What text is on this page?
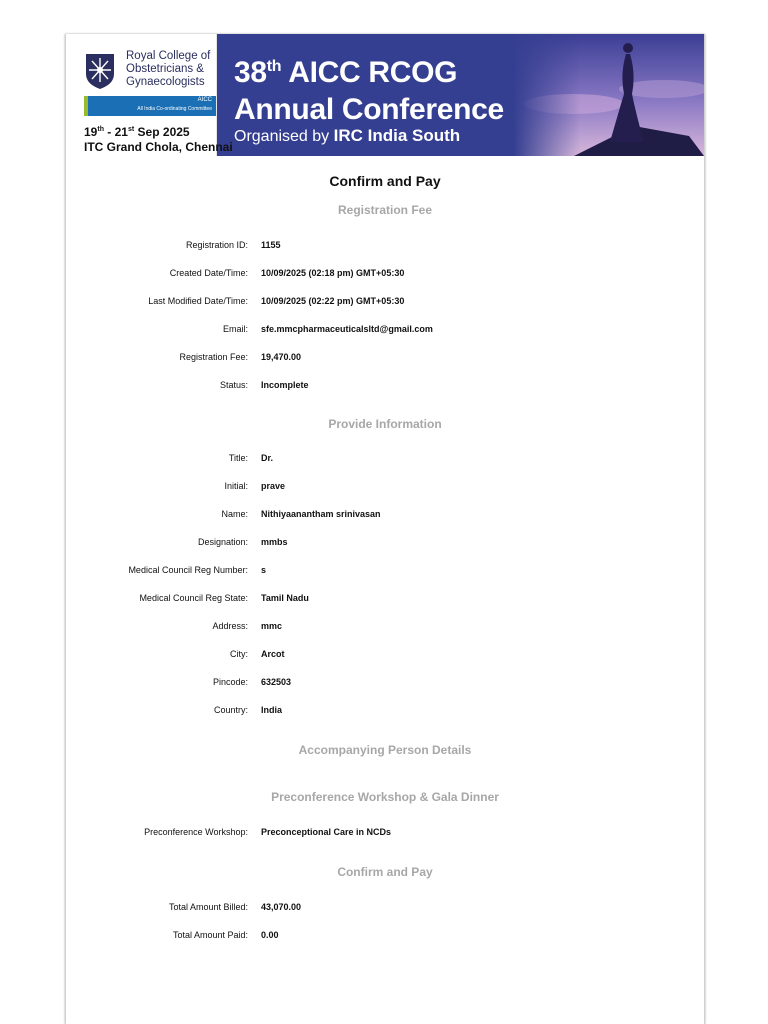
Royal College of
Obstetricians &
Gynaecologists
AICC
All India Co-ordinating Committee
19th - 21st Sep 2025
ITC Grand Chola, Chennai
38th AICC RCOG
Annual Conference
Organised by IRC India South
Confirm and Pay
Registration Fee
Registration ID: 1155
Created Date/Time: 10/09/2025 (02:18 pm) GMT+05:30
Last Modified Date/Time: 10/09/2025 (02:22 pm) GMT+05:30
Email: sfe.mmcpharmaceuticalsltd@gmail.com
Registration Fee: 19,470.00
Status: Incomplete
Provide Information
Title: Dr.
Initial: prave
Name: Nithiyaanantham srinivasan
Designation: mmbs
Medical Council Reg Number: s
Medical Council Reg State: Tamil Nadu
Address: mmc
City: Arcot
Pincode: 632503
Country: India
Accompanying Person Details
Preconference Workshop & Gala Dinner
Preconference Workshop: Preconceptional Care in NCDs
Confirm and Pay
Total Amount Billed: 43,070.00
Total Amount Paid: 0.00
